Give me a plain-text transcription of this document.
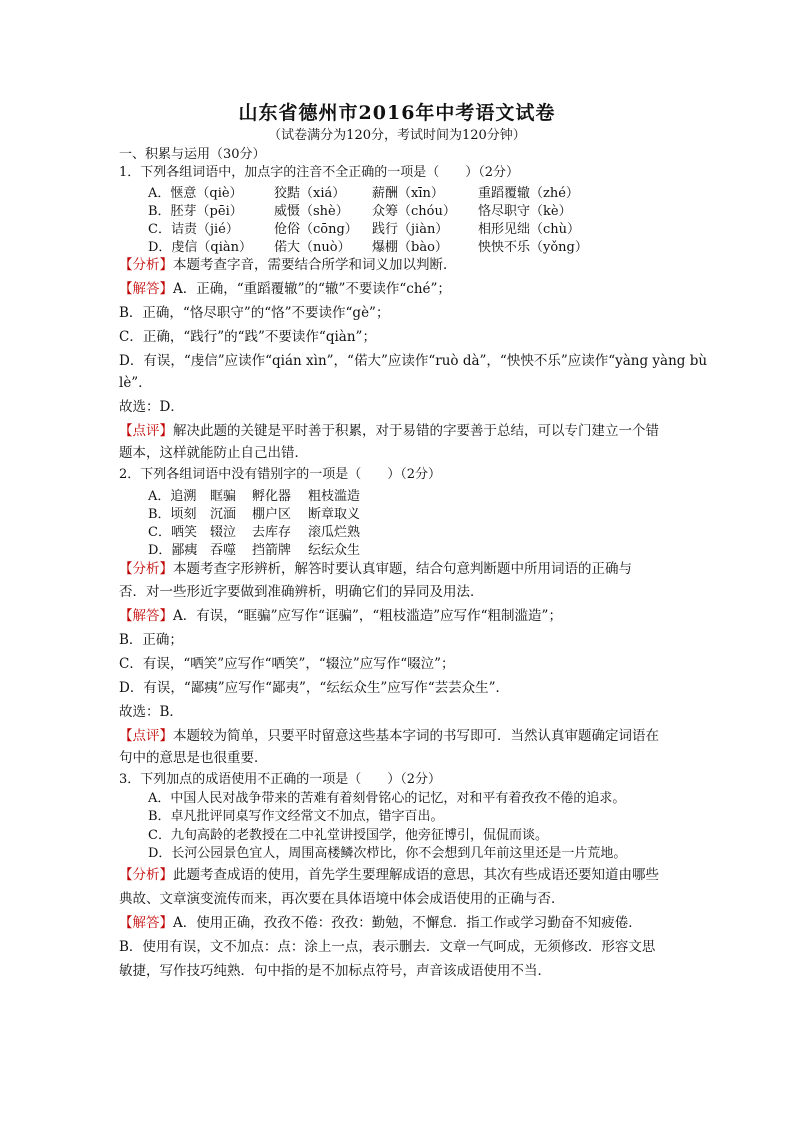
山东省德州市2016年中考语文试卷
（试卷满分为120分，考试时间为120分钟）
一、积累与运用（30分）
1．下列各组词语中，加点字的注音不全正确的一项是（　　）（2分）
A．惬意（qiè） 狡黠（xiá） 薪酬（xīn）	重蹈覆辙（zhé）
B．胚芽（pēi） 威慑（shè） 众筹（chóu） 恪尽职守（kè）
C．诘责（jié）	伧俗（cōng） 践行（jiàn） 相形见绌（chù）
D．虔信（qiàn） 偌大（nuò） 爆棚（bào） 怏怏不乐（yǒng）
【分析】本题考查字音，需要结合所学和词义加以判断．
【解答】A．正确，“重蹈覆辙”的“辙”不要读作“ché”；
B．正确，“恪尽职守”的“恪”不要读作“gè”；
C．正确，“践行”的“践”不要读作“qiàn”；
D．有误，“虔信”应读作“qián xìn”，“偌大”应读作“ruò dà”，“怏怏不乐”应读作“yàng yàng bù
lè”．
故选：D．
【点评】解决此题的关键是平时善于积累，对于易错的字要善于总结，可以专门建立一个错
题本，这样就能防止自己出错．
2．下列各组词语中没有错别字的一项是（　　）（2分）
A．追溯 眶骗 孵化器 粗枝滥造
B．顷刻 沉湎 棚户区 断章取义
C．哂笑 辍泣 去库存 滚瓜烂熟
D．鄙痍 吞噬 挡箭牌 纭纭众生
【分析】本题考查字形辨析，解答时要认真审题，结合句意判断题中所用词语的正确与
否．对一些形近字要做到准确辨析，明确它们的异同及用法．
【解答】A．有误，“眶骗”应写作“诓骗”，“粗枝滥造”应写作“粗制滥造”；
B．正确；
C．有误，“哂笑”应写作“哂笑”，“辍泣”应写作“啜泣”；
D．有误，“鄙痍”应写作“鄙夷”，“纭纭众生”应写作“芸芸众生”．
故选：B．
【点评】本题较为简单，只要平时留意这些基本字词的书写即可．当然认真审题确定词语在
句中的意思是也很重要．
3．下列加点的成语使用不正确的一项是（　　）（2分）
A．中国人民对战争带来的苦难有着刻骨铭心的记忆，对和平有着孜孜不倦的追求。
B．卓凡批评同桌写作文经常文不加点，错字百出。
C．九旬高龄的老教授在二中礼堂讲授国学，他旁征博引，侃侃而谈。
D．长河公园景色宜人，周围高楼鳞次栉比，你不会想到几年前这里还是一片荒地。
【分析】此题考查成语的使用，首先学生要理解成语的意思，其次有些成语还要知道由哪些
典故、文章演变流传而来，再次要在具体语境中体会成语使用的正确与否．
【解答】A．使用正确，孜孜不倦：孜孜：勤勉，不懈怠．指工作或学习勤奋不知疲倦．
B．使用有误，文不加点：点：涂上一点，表示删去．文章一气呵成，无须修改．形容文思
敏捷，写作技巧纯熟．句中指的是不加标点符号，声音该成语使用不当．
